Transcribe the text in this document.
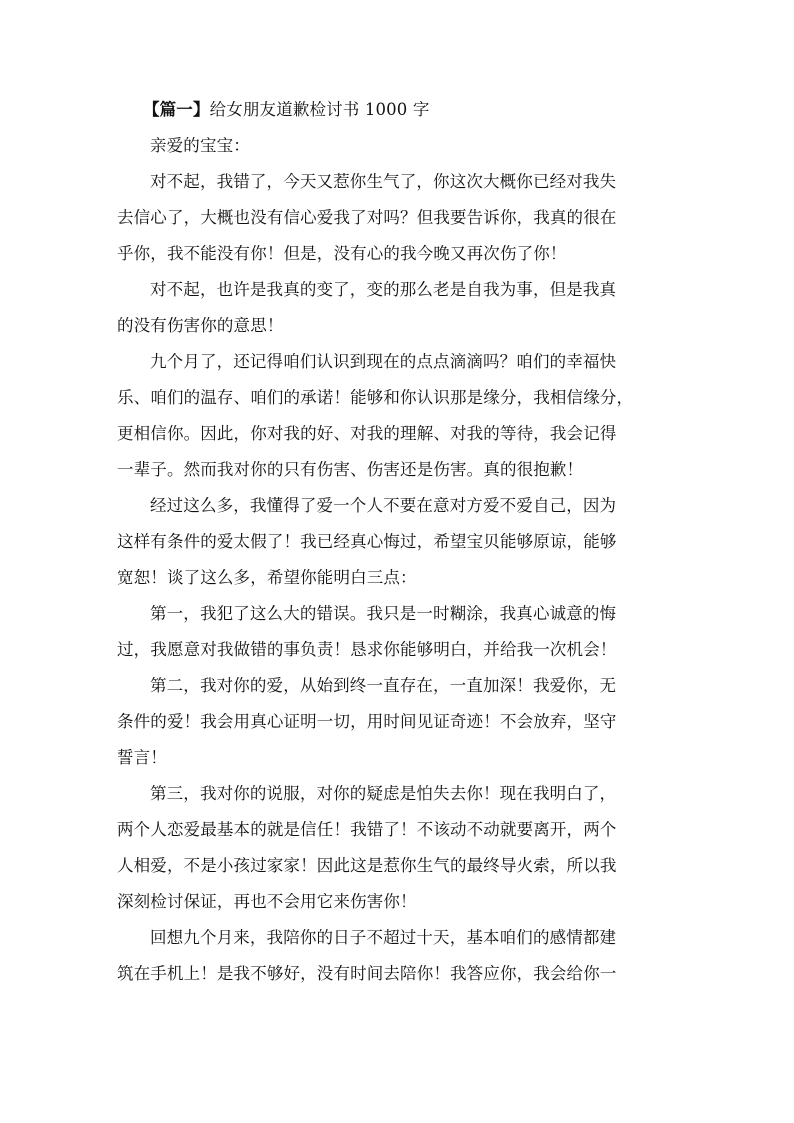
【篇一】给女朋友道歉检讨书 1000 字
亲爱的宝宝：
对不起，我错了，今天又惹你生气了，你这次大概你已经对我失
去信心了，大概也没有信心爱我了对吗？但我要告诉你，我真的很在
乎你，我不能没有你！但是，没有心的我今晚又再次伤了你！
对不起，也许是我真的变了，变的那么老是自我为事，但是我真
的没有伤害你的意思！
九个月了，还记得咱们认识到现在的点点滴滴吗？咱们的幸福快
乐、咱们的温存、咱们的承诺！能够和你认识那是缘分，我相信缘分，
更相信你。因此，你对我的好、对我的理解、对我的等待，我会记得
一辈子。然而我对你的只有伤害、伤害还是伤害。真的很抱歉！
经过这么多，我懂得了爱一个人不要在意对方爱不爱自己，因为
这样有条件的爱太假了！我已经真心悔过，希望宝贝能够原谅，能够
宽恕！谈了这么多，希望你能明白三点：
第一，我犯了这么大的错误。我只是一时糊涂，我真心诚意的悔
过，我愿意对我做错的事负责！恳求你能够明白，并给我一次机会！
第二，我对你的爱，从始到终一直存在，一直加深！我爱你，无
条件的爱！我会用真心证明一切，用时间见证奇迹！不会放弃，坚守
誓言！
第三，我对你的说服，对你的疑虑是怕失去你！现在我明白了，
两个人恋爱最基本的就是信任！我错了！不该动不动就要离开，两个
人相爱，不是小孩过家家！因此这是惹你生气的最终导火索，所以我
深刻检讨保证，再也不会用它来伤害你！
回想九个月来，我陪你的日子不超过十天，基本咱们的感情都建
筑在手机上！是我不够好，没有时间去陪你！我答应你，我会给你一
